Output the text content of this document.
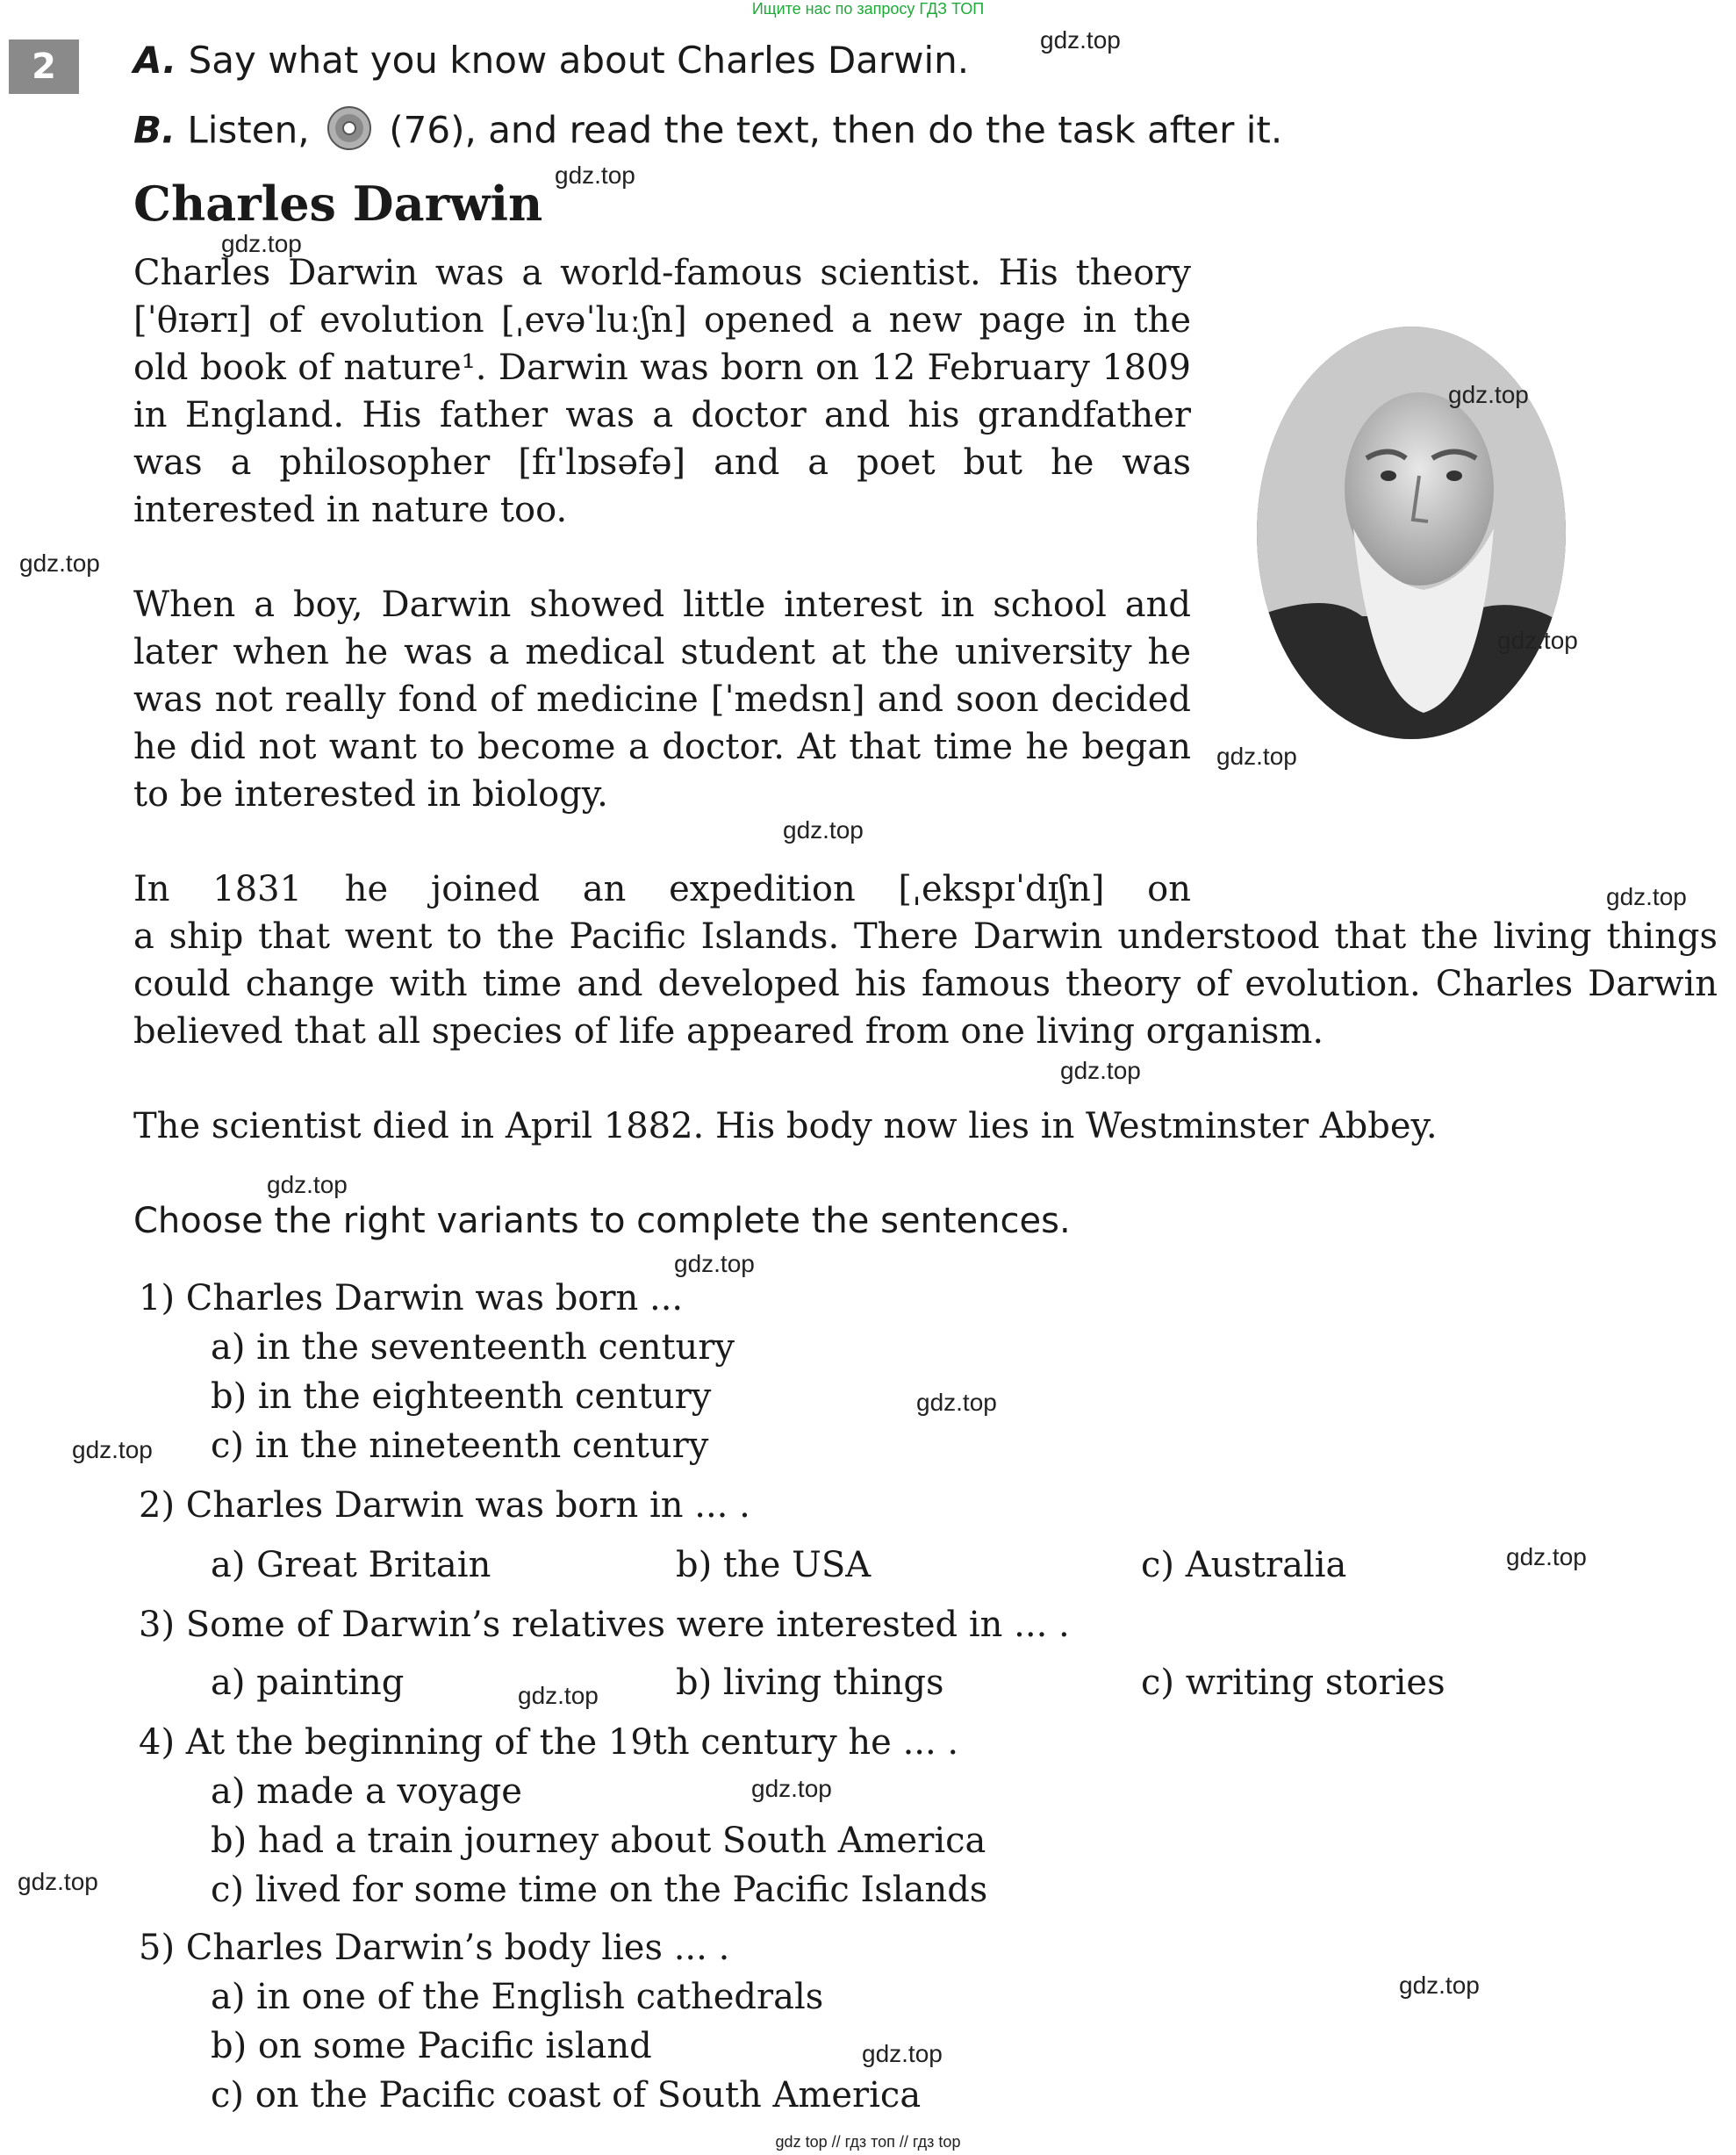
Ищите нас по запросу ГДЗ ТОП
gdz top // гдз топ // гдз top
2	A. Say what you know about Charles Darwin.
B. Listen, (76), and read the text, then do the task after it.
Charles Darwin
Charles Darwin was a world-famous scientist. His theory [ˈθɪərɪ] of evolution [ˌevəˈluːʃn] opened a new page in the old book of nature¹. Darwin was born on 12 February 1809 in England. His father was a doctor and his grandfather was a philosopher [fɪˈlɒsəfə] and a poet but he was interested in nature too.
When a boy, Darwin showed little interest in school and later when he was a medical student at the university he was not really fond of medicine [ˈmedsn] and soon decided he did not want to become a doctor. At that time he began to be interested in biology.
In 1831 he joined an expedition [ˌekspɪˈdɪʃn] on
a ship that went to the Pacific Islands. There Darwin understood that the living things could change with time and developed his famous theory of evolution. Charles Darwin believed that all species of life appeared from one living organism.
The scientist died in April 1882. His body now lies in Westminster Abbey.
Choose the right variants to complete the sentences.
1) Charles Darwin was born ...
a) in the seventeenth century
b) in the eighteenth century
c) in the nineteenth century
2) Charles Darwin was born in ... .
a) Great Britain	b) the USA	c) Australia
3) Some of Darwin’s relatives were interested in ... .
a) painting	b) living things	c) writing stories
4) At the beginning of the 19th century he ... .
a) made a voyage
b) had a train journey about South America
c) lived for some time on the Pacific Islands
5) Charles Darwin’s body lies ... .
a) in one of the English cathedrals
b) on some Pacific island
c) on the Pacific coast of South America
gdz.top
gdz.top
gdz.top
gdz.top
gdz.top
gdz.top
gdz.top
gdz.top
gdz.top
gdz.top
gdz.top
gdz.top
gdz.top
gdz.top
gdz.top
gdz.top
gdz.top
gdz.top
gdz.top
gdz.top
